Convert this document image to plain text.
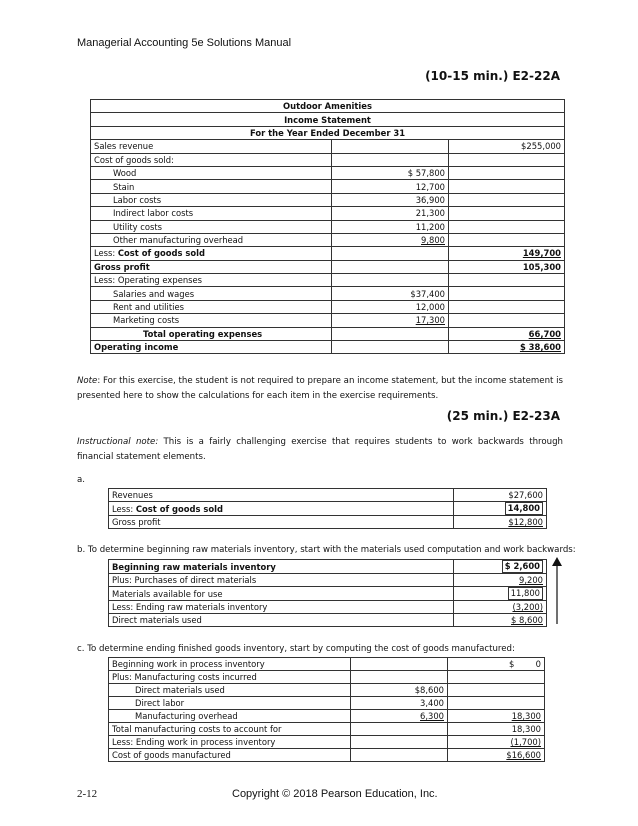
Managerial Accounting 5e Solutions Manual
(10-15 min.) E2-22A
Outdoor Amenities		
Income Statement		
For the Year Ended December 31		
Sales revenue		$255,000
Cost of goods sold:		
Wood	$ 57,800	
Stain	12,700	
Labor costs	36,900	
Indirect labor costs	21,300	
Utility costs	11,200	
Other manufacturing overhead	9,800	
Less: Cost of goods sold		149,700
Gross profit		105,300
Less: Operating expenses		
Salaries and wages	$37,400	
Rent and utilities	12,000	
Marketing costs	17,300	
Total operating expenses		66,700
Operating income		$ 38,600
Note: For this exercise, the student is not required to prepare an income statement, but the income statement is presented here to show the calculations for each item in the exercise requirements.
(25 min.) E2-23A
Instructional note: This is a fairly challenging exercise that requires students to work backwards through financial statement elements.
a.
Revenues	$27,600
Less: Cost of goods sold	14,800
Gross profit	$12,800
b. To determine beginning raw materials inventory, start with the materials used computation and work backwards:
Beginning raw materials inventory	$ 2,600
Plus: Purchases of direct materials	9,200
Materials available for use	11,800
Less: Ending raw materials inventory	(3,200)
Direct materials used	$ 8,600
c. To determine ending finished goods inventory, start by computing the cost of goods manufactured:
Beginning work in process inventory		$        0
Plus: Manufacturing costs incurred		
Direct materials used	$8,600	
Direct labor	3,400	
Manufacturing overhead	6,300	18,300
Total manufacturing costs to account for		18,300
Less: Ending work in process inventory		(1,700)
Cost of goods manufactured		$16,600
2-12	Copyright © 2018 Pearson Education, Inc.
